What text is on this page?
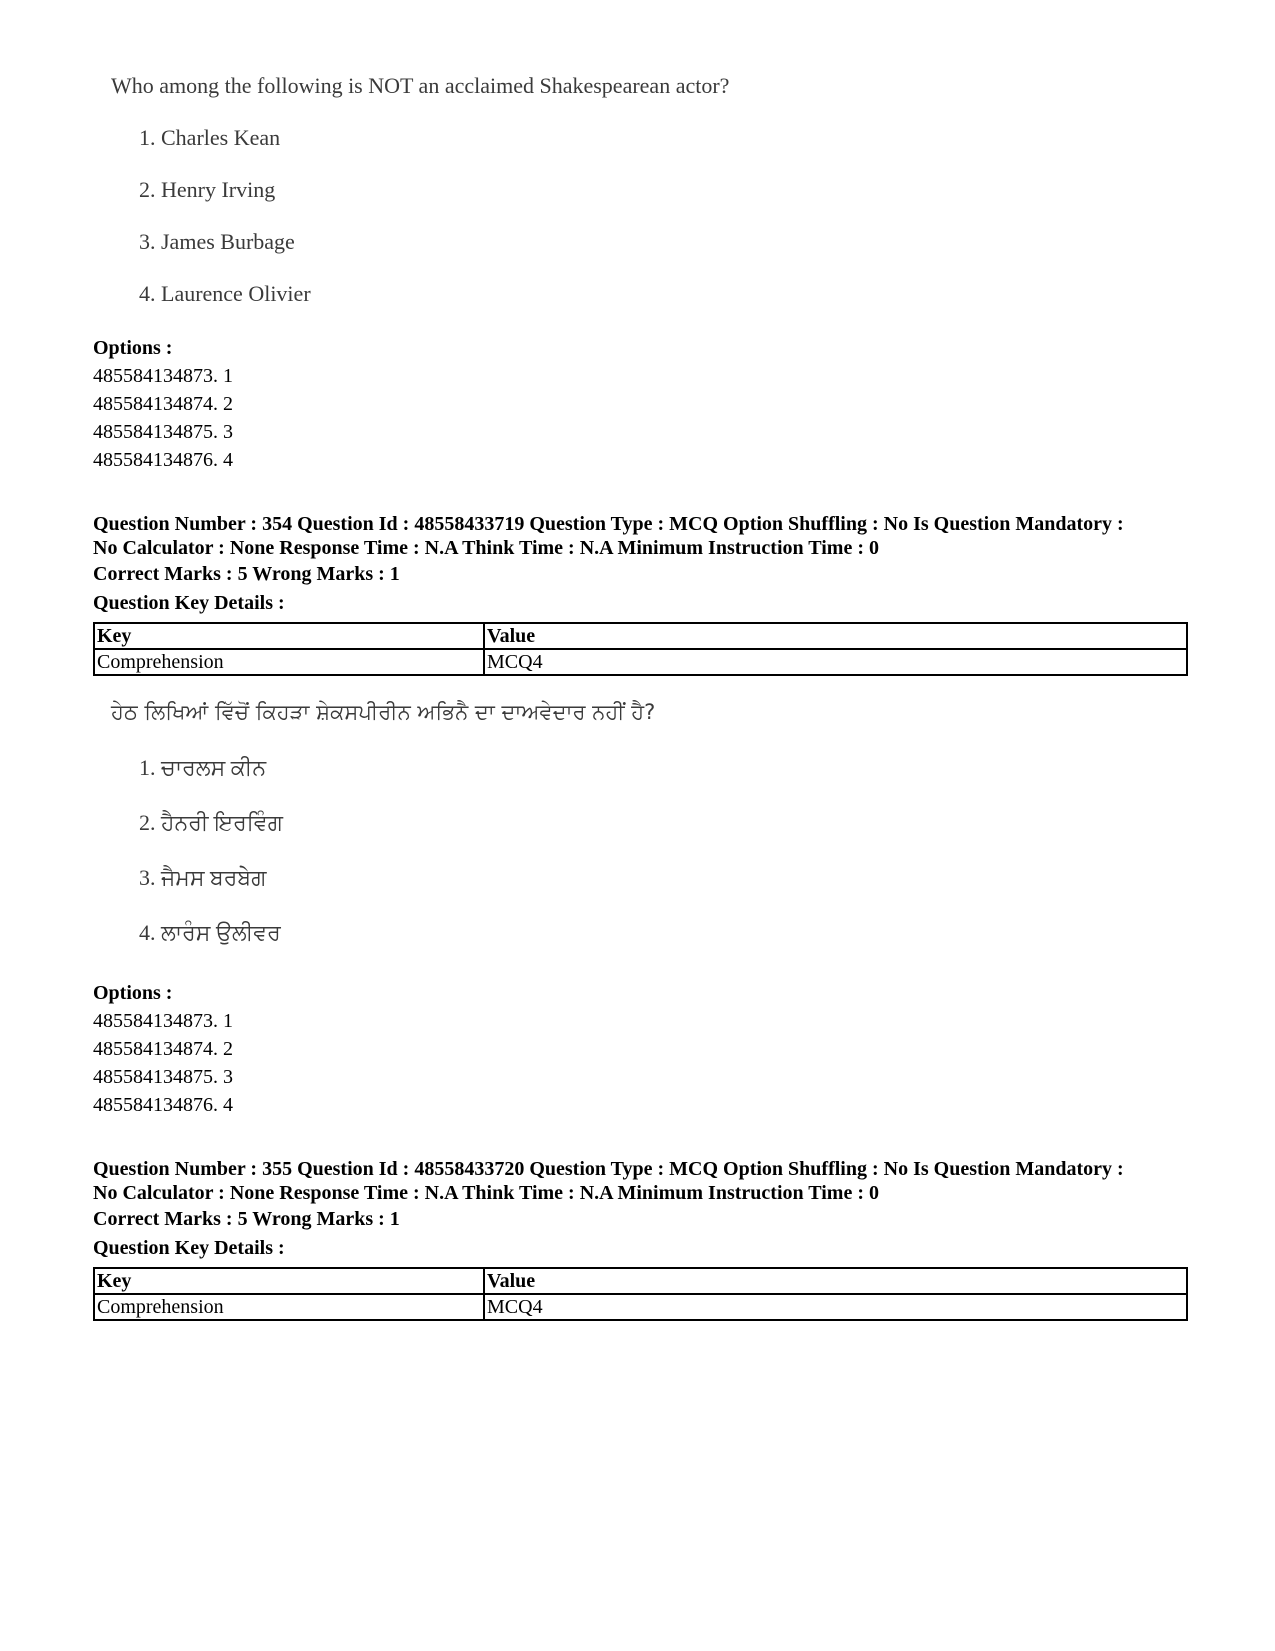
Who among the following is NOT an acclaimed Shakespearean actor?

1. Charles Kean
2. Henry Irving
3. James Burbage
4. Laurence Olivier

Options :

485584134873. 1

485584134874. 2

485584134875. 3

485584134876. 4

Question Number : 354 Question Id : 48558433719 Question Type : MCQ Option Shuffling : No Is Question Mandatory :

No Calculator : None Response Time : N.A Think Time : N.A Minimum Instruction Time : 0

Correct Marks : 5 Wrong Marks : 1

Question Key Details :

Key	Value
Comprehension	MCQ4

ਹੇਠ ਲਿਖਿਆਂ ਵਿੱਚੋਂ ਕਿਹੜਾ ਸ਼ੇਕਸਪੀਰੀਨ ਅਭਿਨੈ ਦਾ ਦਾਅਵੇਦਾਰ ਨਹੀਂ ਹੈ?

1. ਚਾਰਲਸ ਕੀਨ
2. ਹੈਨਰੀ ਇਰਵਿੰਗ
3. ਜੈਮਸ ਬਰਬੇਗ
4. ਲਾਰੰਸ ਉਲੀਵਰ

Options :

485584134873. 1

485584134874. 2

485584134875. 3

485584134876. 4

Question Number : 355 Question Id : 48558433720 Question Type : MCQ Option Shuffling : No Is Question Mandatory :

No Calculator : None Response Time : N.A Think Time : N.A Minimum Instruction Time : 0

Correct Marks : 5 Wrong Marks : 1

Question Key Details :

Key	Value
Comprehension	MCQ4
